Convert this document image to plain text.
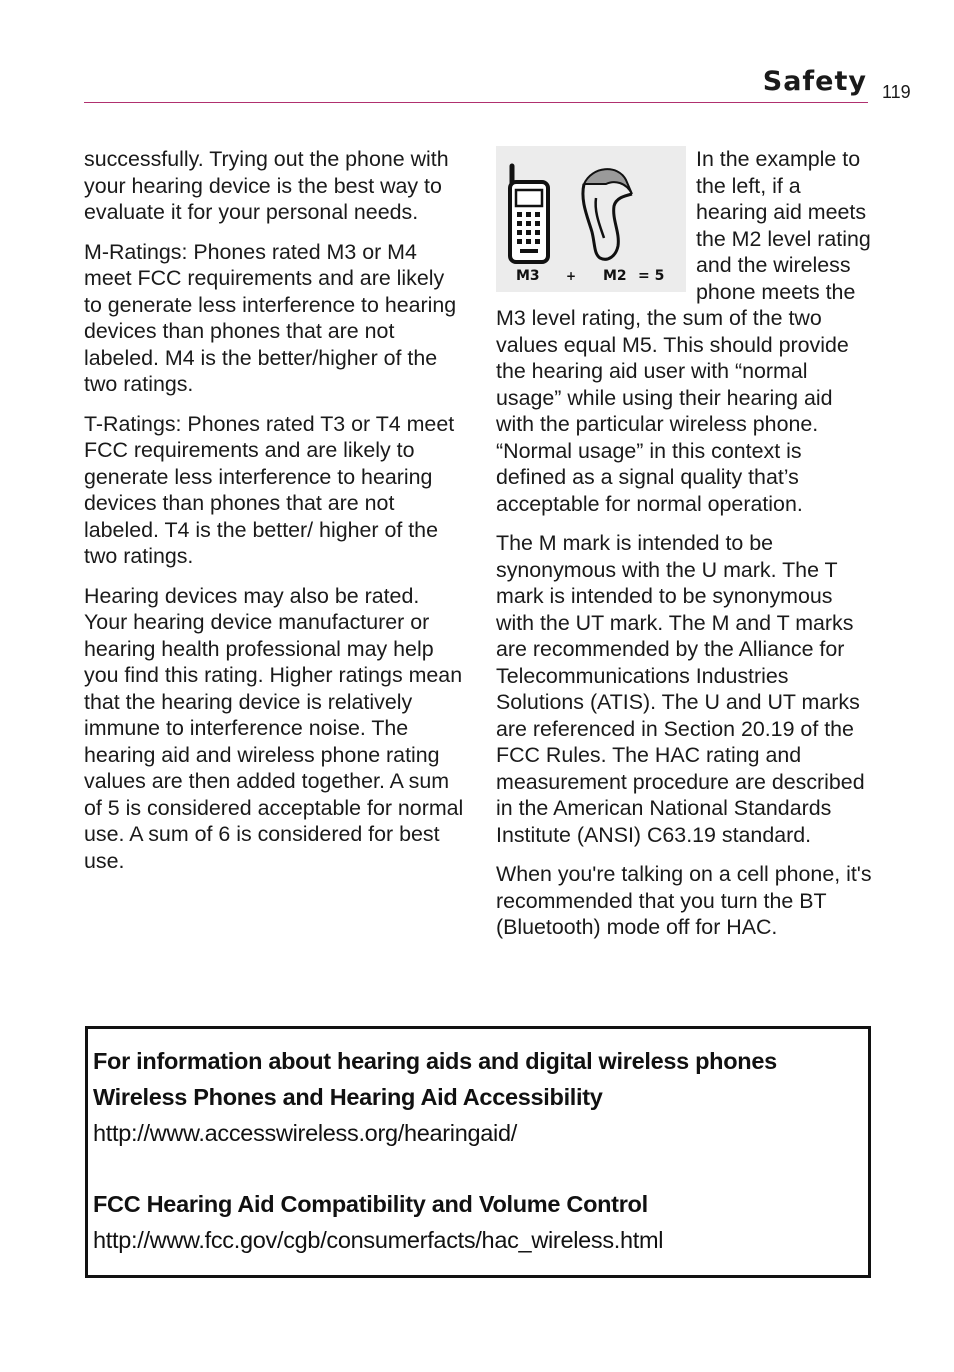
Safety 119

successfully. Trying out the phone with your hearing device is the best way to evaluate it for your personal needs.

M-Ratings: Phones rated M3 or M4 meet FCC requirements and are likely to generate less interference to hearing devices than phones that are not labeled. M4 is the better/higher of the two ratings.

T-Ratings: Phones rated T3 or T4 meet FCC requirements and are likely to generate less interference to hearing devices than phones that are not labeled. T4 is the better/ higher of the two ratings.

Hearing devices may also be rated. Your hearing device manufacturer or hearing health professional may help you find this rating. Higher ratings mean that the hearing device is relatively immune to interference noise. The hearing aid and wireless phone rating values are then added together. A sum of 5 is considered acceptable for normal use. A sum of 6 is considered for best use.

M3 + M2 = 5

In the example to the left, if a hearing aid meets the M2 level rating and the wireless phone meets the M3 level rating, the sum of the two values equal M5. This should provide the hearing aid user with “normal usage” while using their hearing aid with the particular wireless phone. “Normal usage” in this context is defined as a signal quality that’s acceptable for normal operation.

The M mark is intended to be synonymous with the U mark. The T mark is intended to be synonymous with the UT mark. The M and T marks are recommended by the Alliance for Telecommunications Industries Solutions (ATIS). The U and UT marks are referenced in Section 20.19 of the FCC Rules. The HAC rating and measurement procedure are described in the American National Standards Institute (ANSI) C63.19 standard.

When you're talking on a cell phone, it's recommended that you turn the BT (Bluetooth) mode off for HAC.

For information about hearing aids and digital wireless phones
Wireless Phones and Hearing Aid Accessibility
http://www.accesswireless.org/hearingaid/
FCC Hearing Aid Compatibility and Volume Control
http://www.fcc.gov/cgb/consumerfacts/hac_wireless.html
